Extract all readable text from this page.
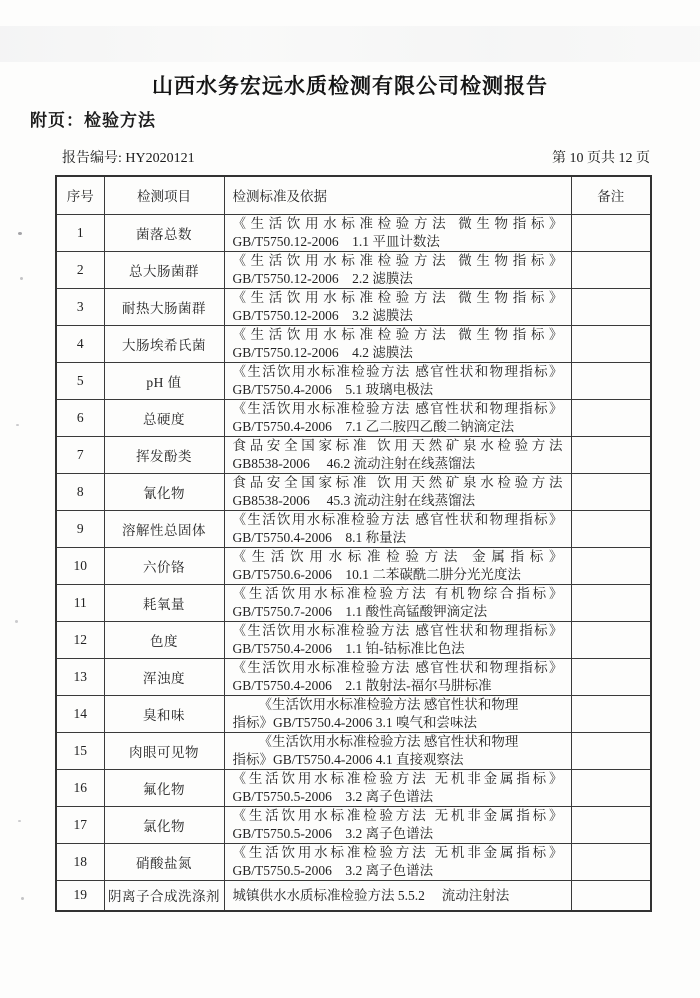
山西水务宏远水质检测有限公司检测报告
附页：检验方法
报告编号: HY2020121	第 10 页共 12 页
序号	检测项目	检测标准及依据	备注
1	菌落总数	《生活饮用水标准检验方法 微生物指标》
GB/T5750.12-2006　1.1 平皿计数法	

2	总大肠菌群	《生活饮用水标准检验方法 微生物指标》
GB/T5750.12-2006　2.2 滤膜法	

3	耐热大肠菌群	《生活饮用水标准检验方法 微生物指标》
GB/T5750.12-2006　3.2 滤膜法	

4	大肠埃希氏菌	《生活饮用水标准检验方法 微生物指标》
GB/T5750.12-2006　4.2 滤膜法	

5	pH 值	《生活饮用水标准检验方法 感官性状和物理指标》
GB/T5750.4-2006　5.1 玻璃电极法	

6	总硬度	《生活饮用水标准检验方法 感官性状和物理指标》
GB/T5750.4-2006　7.1 乙二胺四乙酸二钠滴定法	

7	挥发酚类	食品安全国家标准 饮用天然矿泉水检验方法
GB8538-2006　 46.2 流动注射在线蒸馏法	

8	氰化物	食品安全国家标准 饮用天然矿泉水检验方法
GB8538-2006　 45.3 流动注射在线蒸馏法	

9	溶解性总固体	《生活饮用水标准检验方法 感官性状和物理指标》
GB/T5750.4-2006　8.1 称量法	

10	六价铬	《生活饮用水标准检验方法 金属指标》
GB/T5750.6-2006　10.1 二苯碳酰二肼分光光度法	

11	耗氧量	《生活饮用水标准检验方法 有机物综合指标》
GB/T5750.7-2006　1.1 酸性高锰酸钾滴定法	

12	色度	《生活饮用水标准检验方法 感官性状和物理指标》
GB/T5750.4-2006　1.1 铂-钴标准比色法	

13	浑浊度	《生活饮用水标准检验方法 感官性状和物理指标》
GB/T5750.4-2006　2.1 散射法-福尔马肼标准	

14	臭和味	《生活饮用水标准检验方法 感官性状和物理
指标》GB/T5750.4-2006 3.1 嗅气和尝味法	

15	肉眼可见物	《生活饮用水标准检验方法 感官性状和物理
指标》GB/T5750.4-2006 4.1 直接观察法	

16	氟化物	《生活饮用水标准检验方法 无机非金属指标》
GB/T5750.5-2006　3.2 离子色谱法	

17	氯化物	《生活饮用水标准检验方法 无机非金属指标》
GB/T5750.5-2006　3.2 离子色谱法	

18	硝酸盐氮	《生活饮用水标准检验方法 无机非金属指标》
GB/T5750.5-2006　3.2 离子色谱法	

19	阴离子合成洗涤剂	城镇供水水质标准检验方法 5.5.2　 流动注射法	
